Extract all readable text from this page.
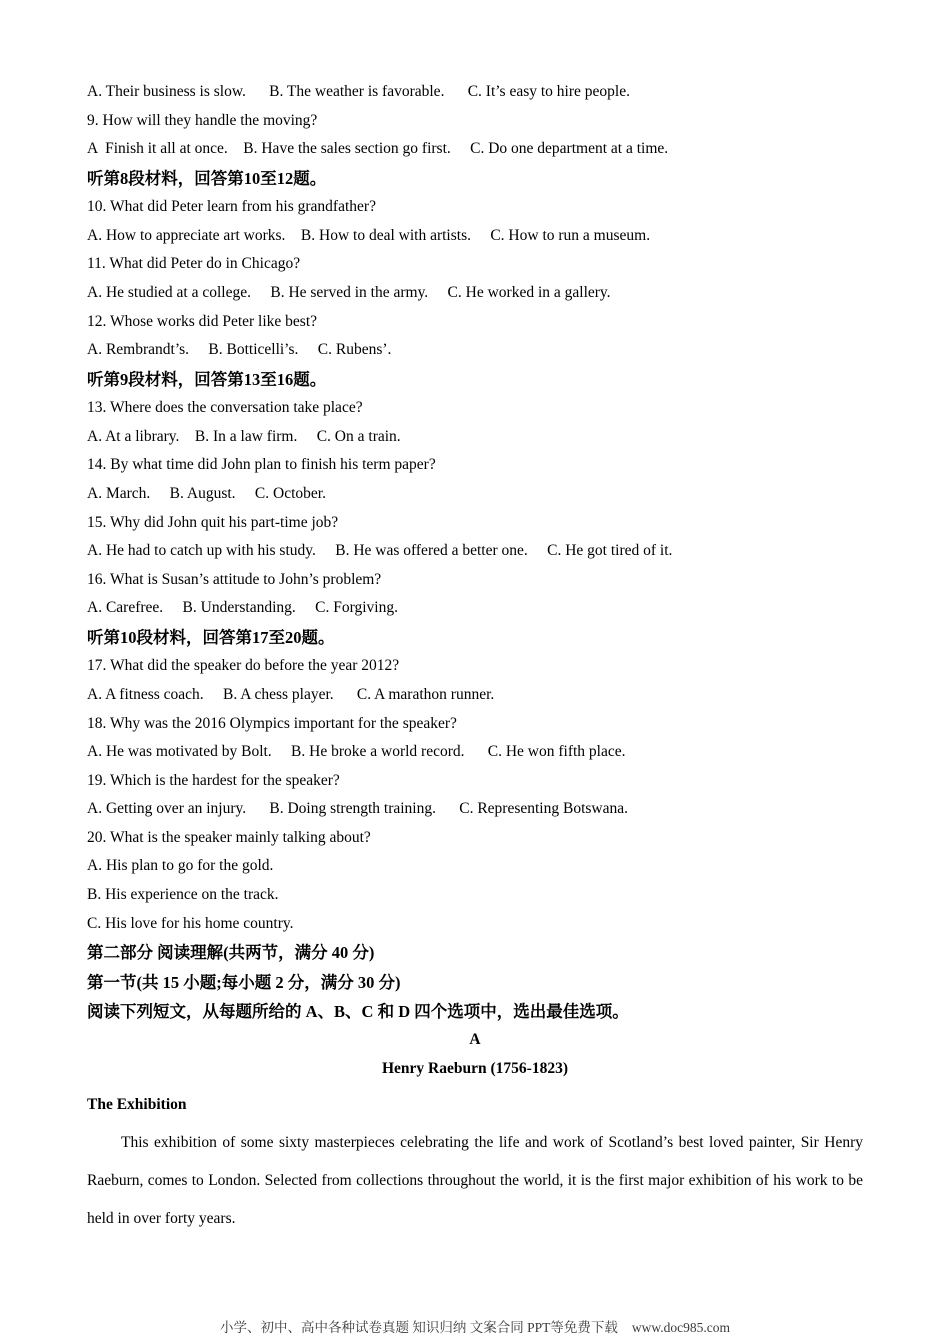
A. Their business is slow.      B. The weather is favorable.      C. It’s easy to hire people.

9. How will they handle the moving?

A  Finish it all at once.    B. Have the sales section go first.     C. Do one department at a time.

听第8段材料，回答第10至12题。

10. What did Peter learn from his grandfather?

A. How to appreciate art works.    B. How to deal with artists.     C. How to run a museum.

11. What did Peter do in Chicago?

A. He studied at a college.     B. He served in the army.     C. He worked in a gallery.

12. Whose works did Peter like best?

A. Rembrandt’s.     B. Botticelli’s.     C. Rubens’.

听第9段材料，回答第13至16题。

13. Where does the conversation take place?

A. At a library.    B. In a law firm.     C. On a train.

14. By what time did John plan to finish his term paper?

A. March.     B. August.     C. October.

15. Why did John quit his part-time job?

A. He had to catch up with his study.     B. He was offered a better one.     C. He got tired of it.

16. What is Susan’s attitude to John’s problem?

A. Carefree.     B. Understanding.     C. Forgiving.

听第10段材料，回答第17至20题。

17. What did the speaker do before the year 2012?

A. A fitness coach.     B. A chess player.      C. A marathon runner.

18. Why was the 2016 Olympics important for the speaker?

A. He was motivated by Bolt.     B. He broke a world record.      C. He won fifth place.

19. Which is the hardest for the speaker?

A. Getting over an injury.      B. Doing strength training.      C. Representing Botswana.

20. What is the speaker mainly talking about?

A. His plan to go for the gold.

B. His experience on the track.

C. His love for his home country.

第二部分 阅读理解(共两节，满分 40 分)

第一节(共 15 小题;每小题 2 分，满分 30 分)

阅读下列短文，从每题所给的 A、B、C 和 D 四个选项中，选出最佳选项。

A

Henry Raeburn (1756-1823)

The Exhibition

This exhibition of some sixty masterpieces celebrating the life and work of Scotland’s best loved painter, Sir Henry Raeburn, comes to London. Selected from collections throughout the world, it is the first major exhibition of his work to be held in over forty years.

小学、初中、高中各种试卷真题 知识归纳 文案合同 PPT等免费下载 www.doc985.com
